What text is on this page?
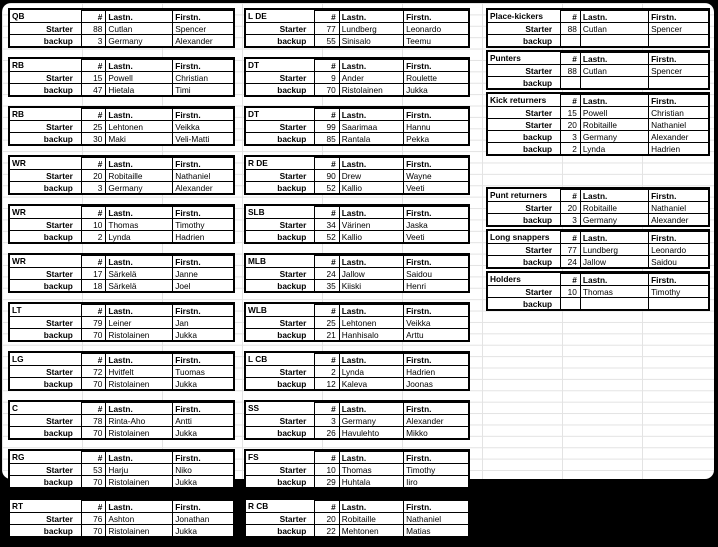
QB	#	Lastn.	Firstn.
Starter	88	Cutlan	Spencer
backup	3	Germany	Alexander
RB	#	Lastn.	Firstn.
Starter	15	Powell	Christian
backup	47	Hietala	Timi
RB	#	Lastn.	Firstn.
Starter	25	Lehtonen	Veikka
backup	30	Maki	Veli-Matti
WR	#	Lastn.	Firstn.
Starter	20	Robitaille	Nathaniel
backup	3	Germany	Alexander
WR	#	Lastn.	Firstn.
Starter	10	Thomas	Timothy
backup	2	Lynda	Hadrien
WR	#	Lastn.	Firstn.
Starter	17	Särkelä	Janne
backup	18	Särkelä	Joel
LT	#	Lastn.	Firstn.
Starter	79	Leiner	Jan
backup	70	Ristolainen	Jukka
LG	#	Lastn.	Firstn.
Starter	72	Hvitfelt	Tuomas
backup	70	Ristolainen	Jukka
C	#	Lastn.	Firstn.
Starter	78	Rinta-Aho	Antti
backup	70	Ristolainen	Jukka
RG	#	Lastn.	Firstn.
Starter	53	Harju	Niko
backup	70	Ristolainen	Jukka
RT	#	Lastn.	Firstn.
Starter	76	Ashton	Jonathan
backup	70	Ristolainen	Jukka
L DE	#	Lastn.	Firstn.
Starter	77	Lundberg	Leonardo
backup	55	Sinisalo	Teemu
DT	#	Lastn.	Firstn.
Starter	9	Ander	Roulette
backup	70	Ristolainen	Jukka
DT	#	Lastn.	Firstn.
Starter	99	Saarimaa	Hannu
backup	85	Rantala	Pekka
R DE	#	Lastn.	Firstn.
Starter	90	Drew	Wayne
backup	52	Kallio	Veeti
SLB	#	Lastn.	Firstn.
Starter	34	Värinen	Jaska
backup	52	Kallio	Veeti
MLB	#	Lastn.	Firstn.
Starter	24	Jallow	Saidou
backup	35	Kiiski	Henri
WLB	#	Lastn.	Firstn.
Starter	25	Lehtonen	Veikka
backup	21	Hanhisalo	Arttu
L CB	#	Lastn.	Firstn.
Starter	2	Lynda	Hadrien
backup	12	Kaleva	Joonas
SS	#	Lastn.	Firstn.
Starter	3	Germany	Alexander
backup	26	Havulehto	Mikko
FS	#	Lastn.	Firstn.
Starter	10	Thomas	Timothy
backup	29	Huhtala	Iiro
R CB	#	Lastn.	Firstn.
Starter	20	Robitaille	Nathaniel
backup	22	Mehtonen	Matias
Place-kickers	#	Lastn.	Firstn.
Starter	88	Cutlan	Spencer
backup			
Punters	#	Lastn.	Firstn.
Starter	88	Cutlan	Spencer
backup			
Kick returners	#	Lastn.	Firstn.
Starter	15	Powell	Christian
Starter	20	Robitaille	Nathaniel
backup	3	Germany	Alexander
backup	2	Lynda	Hadrien
Punt returners	#	Lastn.	Firstn.
Starter	20	Robitaille	Nathaniel
backup	3	Germany	Alexander
Long snappers	#	Lastn.	Firstn.
Starter	77	Lundberg	Leonardo
backup	24	Jallow	Saidou
Holders	#	Lastn.	Firstn.
Starter	10	Thomas	Timothy
backup			
